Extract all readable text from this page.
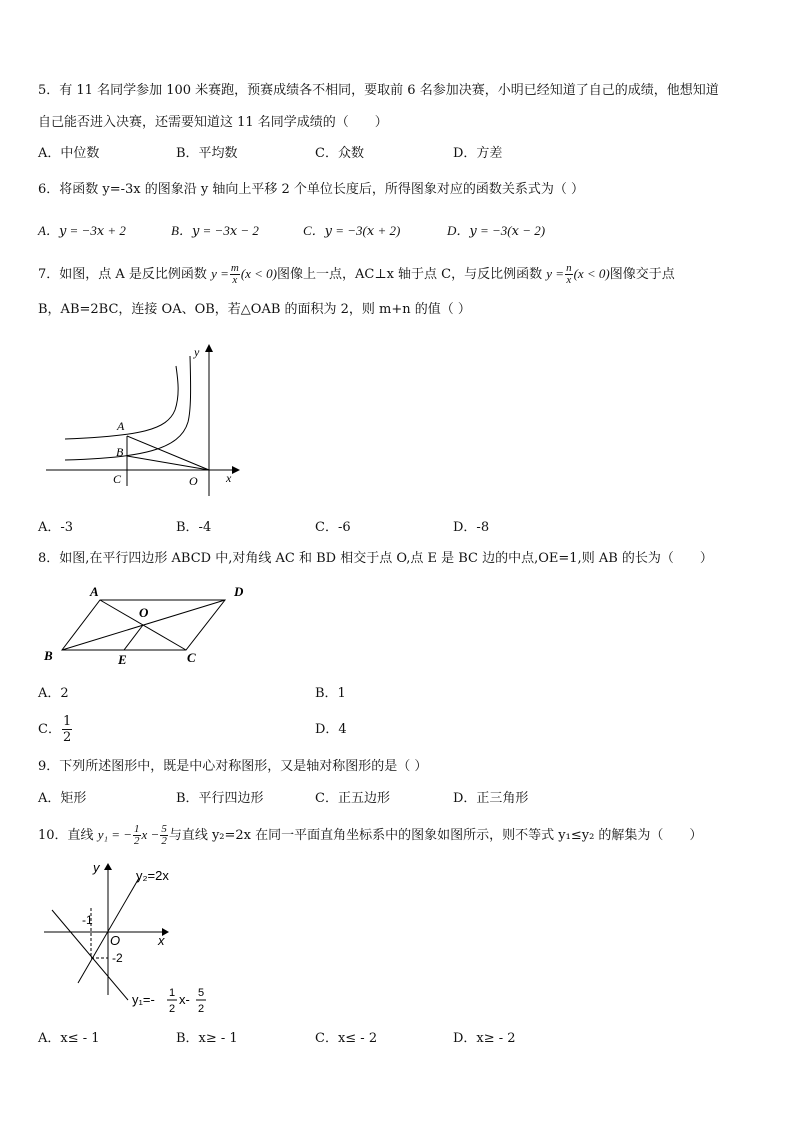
5．有 11 名同学参加 100 米赛跑，预赛成绩各不相同，要取前 6 名参加决赛，小明已经知道了自己的成绩，他想知道
自己能否进入决赛，还需要知道这 11 名同学成绩的（　　）
A．中位数	B．平均数	C．众数	D．方差
6．将函数 y=-3x 的图象沿 y 轴向上平移 2 个单位长度后，所得图象对应的函数关系式为（ ）
A．𝑦 = −3𝑥 + 2	B．𝑦 = −3𝑥 − 2	C．𝑦 = −3(𝑥 + 2)	D．𝑦 = −3(𝑥 − 2)
7．如图，点 A 是反比例函数 $y = \frac{m}{x} (x < 0)$图像上一点，AC⊥x 轴于点 C，与反比例函数 $y = \frac{n}{x} (x < 0)$图像交于点
B，AB=2BC，连接 OA、OB，若△OAB 的面积为 2，则 m+n 的值（ ）
y
x
A
B
C	O
A．-3	B．-4	C．-6	D．-8
8．如图,在平行四边形 ABCD 中,对角线 AC 和 BD 相交于点 O,点 E 是 BC 边的中点,OE=1,则 AB 的长为（　　）
A	D
O
B	E	C
A．2	B．1
C． $\frac{1}{2}$	D．4
9．下列所述图形中，既是中心对称图形，又是轴对称图形的是（ ）
A．矩形	B．平行四边形	C．正五边形	D．正三角形
10．直线 y₁ = − $\frac{1}{2}$ $x - \frac{5}{2}$ 与直线 y₂=2x 在同一平面直角坐标系中的图象如图所示，则不等式 y₁≤y₂ 的解集为（　　）
y
x
O
-1
-2
y₂=2x
y₁=- 1
2
x- 5
2
A．x≤ - 1	B．x≥ - 1	C．x≤ - 2	D．x≥ - 2
